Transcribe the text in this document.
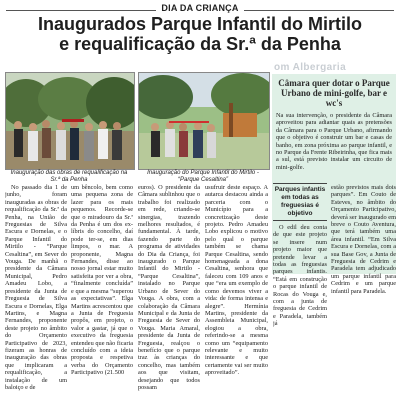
DIA DA CRIANÇA
Inaugurados Parque Infantil do Mirtilo
e requalificação da Sr.ª da Penha
om Albergaria
Inauguração das obras de requalificação na Sr.ª da Penha
Inauguração do Parque Infantil do Mirtilo - “Parque Cesaltina”
Câmara quer dotar o Parque Urbano de mini-golfe, bar e wc's
Na sua intervenção, o presidente da Câmara aproveitou para adiantar quais as pretensões da Câmara para o Parque Urbano, afirmando que o objetivo é construir um bar e casas de banho, em zona próxima ao parque infantil, e no Parque da Frente Ribeirinha, que fica mais a sul, está previsto instalar um circuito de mini-golfe.

No passado dia 1 de junho, foram inauguradas as obras de requalificação da Sr.ª da Penha, na União de Freguesias de Silva Escura e Dornelas, e o Parque Infantil do Mirtilo - “Parque Cesaltina”, em Sever do Vouga. De manhã o presidente da Câmara Municipal, Pedro Amadeu Lobo, a presidente da Junta de Freguesia de Silva Escura e Dornelas, Elga Martins, e Magna Fernandes, proponente deste projeto no âmbito do Orçamento Participativo de 2023, fizeram as honras de inauguração das obras que implicaram a requalificação, a instalação de um baloiço e de

um bêncolo, bem como uma pequena zona de lazer para os mais pequenos. Recorde-se que o miradouro da Sr.ª da Penha é um dos ex-líbris do concelho, daí pode ter-se, em dias limpos, o mar. A proponente, Magna Fernandes, disse ao nosso jornal estar muito satisfeita por ver a obra, “finalmente concluída” e que a mesma “superou as expectativas”. Elga Martins acrescentou que a Junta de Freguesia propôs, em projeto, o valor a gastar, já que o executivo da freguesia entendeu que não ficaria concluído com a ideia proposta e respetiva verba do Orçamento Participativo (21.500

euros). O presidente da Câmara sublinhou que o trabalho foi realizado em rede, criando-se sinergias, trazendo melhores resultados, é fundamental. À tarde, fazendo parte do programa de atividades do Dia da Criança, foi inaugurado o Parque Infantil do Mirtilo - “Parque Cesaltina”, instalado no Parque Urbano de Sever do Vouga. A obra, com a colaboração da Câmara Municipal e da Junta de Freguesia de Sever do Vouga. Maria Amaral, presidente da Junta de Freguesia, realçou o benefício que o parque traz às crianças do concelho, mas também aos que visitam, desejando que todos possam

usufruir deste espaço. A autarca destacou ainda a parceria com o Município para a concretização deste projeto. Pedro Amadeu Lobo explicou o motivo pelo qual o parque também se chama Parque Cesaltina, sendo homenageada a dona Cesaltina, senhora que faleceu com 109 anos e que “era um exemplo de como devemos viver a vida: de forma intensa e alegre”. Hermínia Martins, presidente da Assembleia Municipal, elogiou a obra, referindo-se a mesma como um “equipamento relevante e muito interessante e que certamente vai ser muito aproveitado”.

Parques infantis em todas as freguesias é objetivo

O edil deu conta de que este projeto se insere num projeto maior que pretende levar a todas as freguesias parques infantis. “Está em construção o parque infantil de Rocas do Vouga e, com a junta de freguesia de Cedrim e Paradela, também já

estão previstos mais dois parques”. Em Couto de Esteves, no âmbito do Orçamento Participativo, deverá ser inaugurado em breve o Couto Aventura, que terá também uma área infantil. “Em Silva Escura e Dornelas, com a sua Base Gov, a Junta de Freguesia de Cedrim e Paradela tem adjudicado um parque infantil para Cedrim e um parque infantil para Paradela.
